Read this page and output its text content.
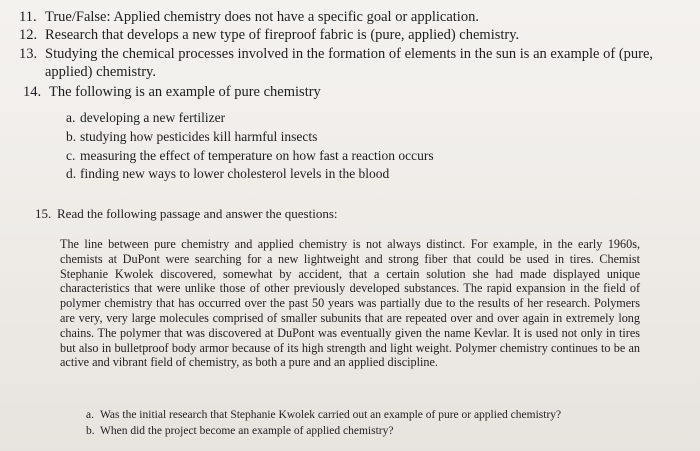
11. True/False: Applied chemistry does not have a specific goal or application.
12. Research that develops a new type of fireproof fabric is (pure, applied) chemistry.
13. Studying the chemical processes involved in the formation of elements in the sun is an example of (pure,
applied) chemistry.
14. The following is an example of pure chemistry
a. developing a new fertilizer
b. studying how pesticides kill harmful insects
c. measuring the effect of temperature on how fast a reaction occurs
d. finding new ways to lower cholesterol levels in the blood
15. Read the following passage and answer the questions:
The line between pure chemistry and applied chemistry is not always distinct. For example, in the early 1960s, chemists at DuPont were searching for a new lightweight and strong fiber that could be used in tires. Chemist Stephanie Kwolek discovered, somewhat by accident, that a certain solution she had made displayed unique characteristics that were unlike those of other previously developed substances. The rapid expansion in the field of polymer chemistry that has occurred over the past 50 years was partially due to the results of her research. Polymers are very, very large molecules comprised of smaller subunits that are repeated over and over again in extremely long chains. The polymer that was discovered at DuPont was eventually given the name Kevlar. It is used not only in tires but also in bulletproof body armor because of its high strength and light weight. Polymer chemistry continues to be an active and vibrant field of chemistry, as both a pure and an applied discipline.
a. Was the initial research that Stephanie Kwolek carried out an example of pure or applied chemistry?
b. When did the project become an example of applied chemistry?
